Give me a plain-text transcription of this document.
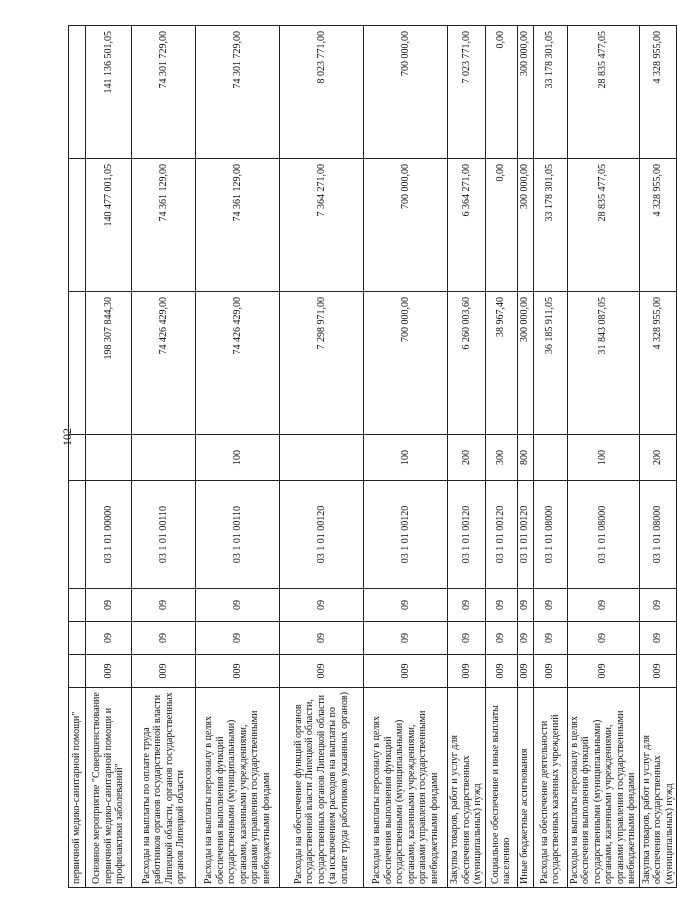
102
первичной медико-санитарной помощи"								
Основное мероприятие "Совершенствование первичной медико-санитарной помощи и профилактики заболеваний"	009	09	09	03 1 01 00000		198 307 844,30	140 477 001,05	141 136 501,05
Расходы на выплаты по оплате труда работников органов государственной власти Липецкой области, органов государственных органов Липецкой области	009	09	09	03 1 01 00110		74 426 429,00	74 361 129,00	74 301 729,00
Расходы на выплаты персоналу в целях обеспечения выполнения функций государственными (муниципальными) органами, казенными учреждениями, органами управления государственными внебюджетными фондами	009	09	09	03 1 01 00110	100	74 426 429,00	74 361 129,00	74 301 729,00
Расходы на обеспечение функций органов государственной власти Липецкой области, государственных органов Липецкой области (за исключением расходов на выплаты по оплате труда работников указанных органов)	009	09	09	03 1 01 00120		7 298 971,00	7 364 271,00	8 023 771,00
Расходы на выплаты персоналу в целях обеспечения выполнения функций государственными (муниципальными) органами, казенными учреждениями, органами управления государственными внебюджетными фондами	009	09	09	03 1 01 00120	100	700 000,00	700 000,00	700 000,00
Закупка товаров, работ и услуг для обеспечения государственных (муниципальных) нужд	009	09	09	03 1 01 00120	200	6 260 003,60	6 364 271,00	7 023 771,00
Социальное обеспечение и иные выплаты населению	009	09	09	03 1 01 00120	300	38 967,40	0,00	0,00
Иные бюджетные ассигнования	009	09	09	03 1 01 00120	800	300 000,00	300 000,00	300 000,00
Расходы на обеспечение деятельности государственных казенных учреждений	009	09	09	03 1 01 08000		36 185 911,05	33 178 301,05	33 178 301,05
Расходы на выплаты персоналу в целях обеспечения выполнения функций государственными (муниципальными) органами, казенными учреждениями, органами управления государственными внебюджетными фондами	009	09	09	03 1 01 08000	100	31 843 087,05	28 835 477,05	28 835 477,05
Закупка товаров, работ и услуг для обеспечения государственных (муниципальных) нужд	009	09	09	03 1 01 08000	200	4 328 955,00	4 328 955,00	4 328 955,00
